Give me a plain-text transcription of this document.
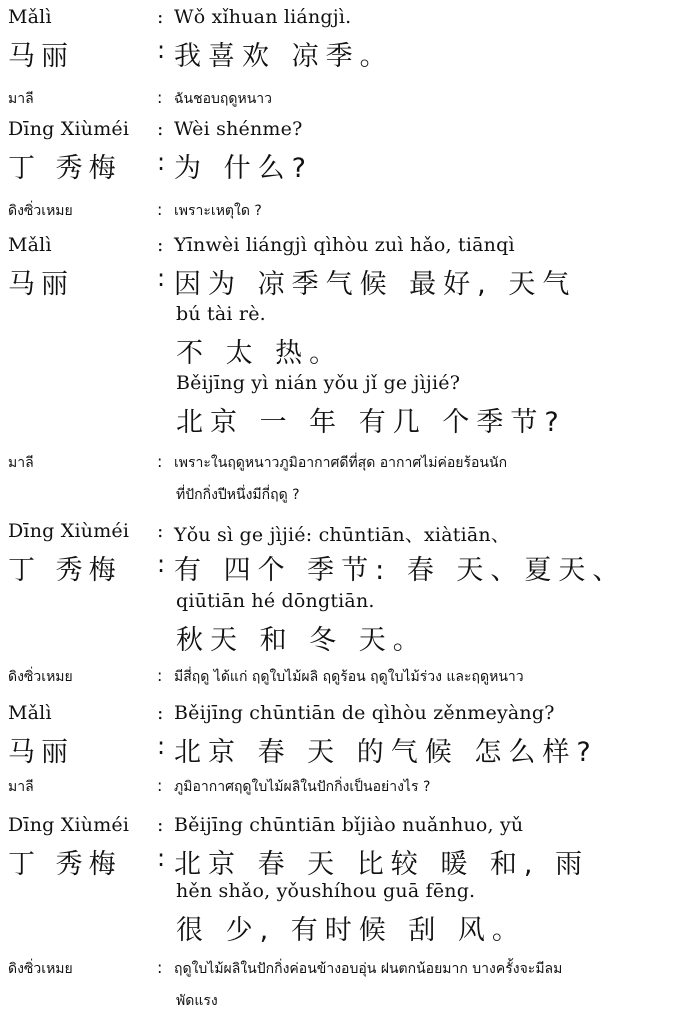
Mǎlì	: Wǒ xǐhuan liángjì.
马丽	: 我喜欢 凉季。
มาลี	: ฉันชอบฤดูหนาว
Dīng Xiùméi : Wèi shénme?
丁 秀梅 : 为 什么?
ดิงซิ่วเหมย	: เพราะเหตุใด ?
Mǎlì	: Yīnwèi liángjì qìhòu zuì hǎo, tiānqì
马丽	: 因为 凉季气候 最好, 天气
bú tài rè.
不 太 热。
Běijīng yì nián yǒu jǐ ge jìjié?
北京 一 年 有几 个季节?
มาลี	: เพราะในฤดูหนาวภูมิอากาศดีที่สุด อากาศไม่ค่อยร้อนนัก
ที่ปักกิ่งปีหนึ่งมีกี่ฤดู ?
Dīng Xiùméi : Yǒu sì ge jìjié: chūntiān、xiàtiān、
丁 秀梅 : 有 四个 季节: 春 天、夏天、
qiūtiān hé dōngtiān.
秋天 和 冬 天。
ดิงซิ่วเหมย	: มีสี่ฤดู ได้แก่ ฤดูใบไม้ผลิ ฤดูร้อน ฤดูใบไม้ร่วง และฤดูหนาว
Mǎlì	: Běijīng chūntiān de qìhòu zěnmeyàng?
马丽	: 北京 春 天 的气候 怎么样?
มาลี	: ภูมิอากาศฤดูใบไม้ผลิในปักกิ่งเป็นอย่างไร ?
Dīng Xiùméi : Běijīng chūntiān bǐjiào nuǎnhuo, yǔ
丁 秀梅 : 北京 春 天 比较 暖 和, 雨
hěn shǎo, yǒushíhou guā fēng.
很 少, 有时候 刮 风。
ดิงซิ่วเหมย	: ฤดูใบไม้ผลิในปักกิ่งค่อนข้างอบอุ่น ฝนตกน้อยมาก บางครั้งจะมีลม
พัดแรง
